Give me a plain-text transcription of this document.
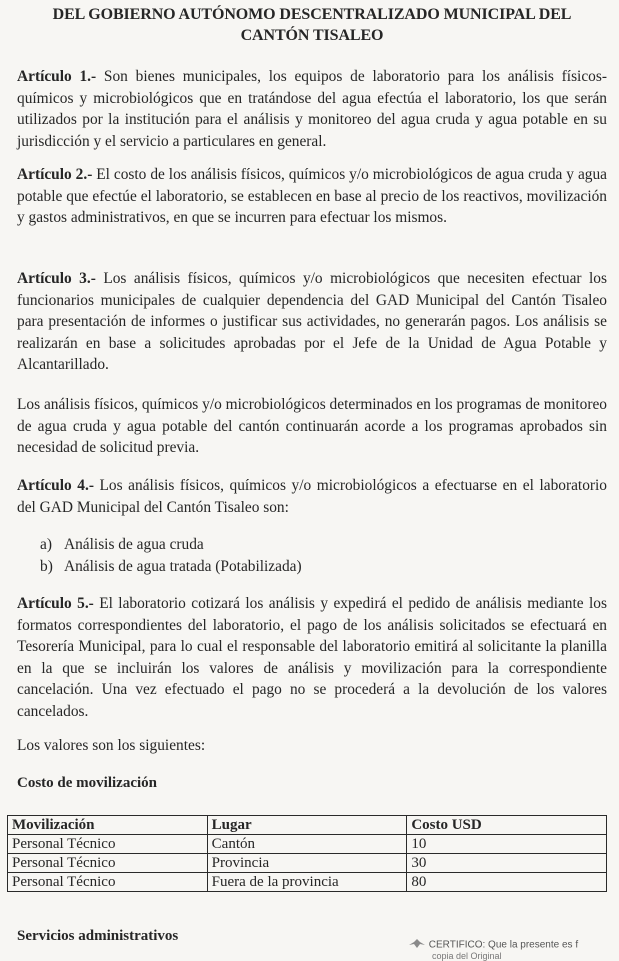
DEL GOBIERNO AUTÓNOMO DESCENTRALIZADO MUNICIPAL DEL
CANTÓN TISALEO

Artículo 1.- Son bienes municipales, los equipos de laboratorio para los análisis físicos-químicos y microbiológicos que en tratándose del agua efectúa el laboratorio, los que serán utilizados por la institución para el análisis y monitoreo del agua cruda y agua potable en su jurisdicción y el servicio a particulares en general.

Artículo 2.- El costo de los análisis físicos, químicos y/o microbiológicos de agua cruda y agua potable que efectúe el laboratorio, se establecen en base al precio de los reactivos, movilización y gastos administrativos, en que se incurren para efectuar los mismos.

Artículo 3.- Los análisis físicos, químicos y/o microbiológicos que necesiten efectuar los funcionarios municipales de cualquier dependencia del GAD Municipal del Cantón Tisaleo para presentación de informes o justificar sus actividades, no generarán pagos. Los análisis se realizarán en base a solicitudes aprobadas por el Jefe de la Unidad de Agua Potable y Alcantarillado.

Los análisis físicos, químicos y/o microbiológicos determinados en los programas de monitoreo de agua cruda y agua potable del cantón continuarán acorde a los programas aprobados sin necesidad de solicitud previa.

Artículo 4.- Los análisis físicos, químicos y/o microbiológicos a efectuarse en el laboratorio del GAD Municipal del Cantón Tisaleo son:

a) Análisis de agua cruda
b) Análisis de agua tratada (Potabilizada)

Artículo 5.- El laboratorio cotizará los análisis y expedirá el pedido de análisis mediante los formatos correspondientes del laboratorio, el pago de los análisis solicitados se efectuará en Tesorería Municipal, para lo cual el responsable del laboratorio emitirá al solicitante la planilla en la que se incluirán los valores de análisis y movilización para la correspondiente cancelación. Una vez efectuado el pago no se procederá a la devolución de los valores cancelados.

Los valores son los siguientes:
Costo de movilización
Movilización	Lugar	Costo USD
Personal Técnico	Cantón	10
Personal Técnico	Provincia	30
Personal Técnico	Fuera de la provincia	80
Servicios administrativos
CERTIFICO: Que la presente es f
copia del Original
